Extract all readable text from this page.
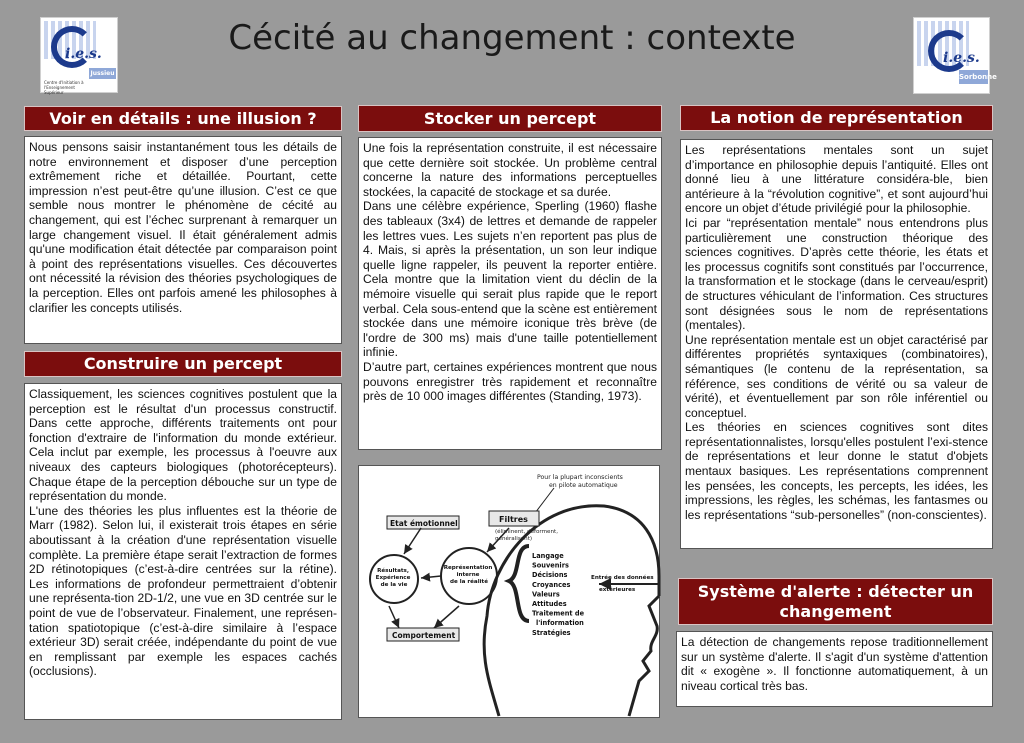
i.e.s.
Jussieu
Centre d'Initiation à l'Enseignement Supérieur
i.e.s.
Sorbonne
Cécité au changement : contexte
Voir en détails : une illusion ?
Nous pensons saisir instantanément tous les détails de notre environnement et disposer d’une perception extrêmement riche et détaillée. Pourtant, cette impression n’est peut-être qu’une illusion. C’est ce que semble nous montrer le phénomène de cécité au changement, qui est l’échec surprenant à remarquer un large changement visuel. Il était généralement admis qu'une modification était détectée par comparaison point à point des représentations visuelles. Ces découvertes ont nécessité la révision des théories psychologiques de la perception. Elles ont parfois amené les philosophes à clarifier les concepts utilisés.
Construire un percept
Classiquement, les sciences cognitives postulent que la perception est le résultat d'un processus constructif. Dans cette approche, différents traitements ont pour fonction d'extraire de l'information du monde extérieur. Cela inclut par exemple, les processus à l'oeuvre aux niveaux des capteurs biologiques (photorécepteurs). Chaque étape de la perception débouche sur un type de représentation du monde.
L'une des théories les plus influentes est la théorie de Marr (1982). Selon lui, il existerait trois étapes en série aboutissant à la création d'une représentation visuelle complète. La première étape serait l’extraction de formes 2D rétinotopiques (c’est-à-dire centrées sur la rétine). Les informations de profondeur permettraient d’obtenir une représenta-tion 2D-1/2, une vue en 3D centrée sur le point de vue de l’observateur. Finalement, une représen-tation spatiotopique (c’est-à-dire similaire à l’espace extérieur 3D) serait créée, indépendante du point de vue en remplissant par exemple les espaces cachés (occlusions).
Stocker un percept
Une fois la représentation construite, il est nécessaire que cette dernière soit stockée. Un problème central concerne la nature des informations perceptuelles stockées, la capacité de stockage et sa durée.
Dans une célèbre expérience, Sperling (1960) flashe des tableaux (3x4) de lettres et demande de rappeler les lettres vues. Les sujets n’en reportent pas plus de 4. Mais, si après la présentation, un son leur indique quelle ligne rappeler, ils peuvent la reporter entière. Cela montre que la limitation vient du déclin de la mémoire visuelle qui serait plus rapide que le report verbal. Cela sous-entend que la scène est entièrement stockée dans une mémoire iconique très brève (de l'ordre de 300 ms) mais d'une taille potentiellement infinie.
D’autre part, certaines expériences montrent que nous pouvons enregistrer très rapidement et reconnaître près de 10 000 images différentes (Standing, 1973).
Pour la plupart inconscients en pilote automatique
Etat émotionnel	Filtres
(éliminent, déforment, généralisent)
Résultats, Expérience de la vie
Représentation interne de la réalité
Comportement
Langage
Souvenirs
Décisions
Croyances
Valeurs
Attitudes
Traitement de
l'information
Stratégies
Entrée des données extérieures
La notion de représentation
Les représentations mentales sont un sujet d’importance en philosophie depuis l’antiquité. Elles ont donné lieu à une littérature considéra-ble, bien antérieure à la “révolution cognitive”, et sont aujourd’hui encore un objet d’étude privilégié pour la philosophie.
Ici par “représentation mentale” nous entendrons plus particulièrement une construction théorique des sciences cognitives. D’après cette théorie, les états et les processus cognitifs sont constitués par l’occurrence, la transformation et le stockage (dans le cerveau/esprit) de structures véhiculant de l’information. Ces structures sont désignées sous le nom de représentations (mentales).
Une représentation mentale est un objet caractérisé par différentes propriétés syntaxiques (combinatoires), sémantiques (le contenu de la représentation, sa référence, ses conditions de vérité ou sa valeur de vérité), et éventuellement par son rôle inférentiel ou conceptuel.
Les théories en sciences cognitives sont dites représentationnalistes, lorsqu'elles postulent l’exi-stence de représentations et leur donne le statut d'objets mentaux basiques. Les représentations comprennent les pensées, les concepts, les percepts, les idées, les impressions, les règles, les schémas, les fantasmes ou les représentations “sub-personelles” (non-conscientes).
Système d'alerte : détecter un changement
La détection de changements repose traditionnellement sur un système d'alerte. Il s'agit d'un système d'attention dit « exogène ». Il fonctionne automatiquement, à un niveau cortical très bas.
